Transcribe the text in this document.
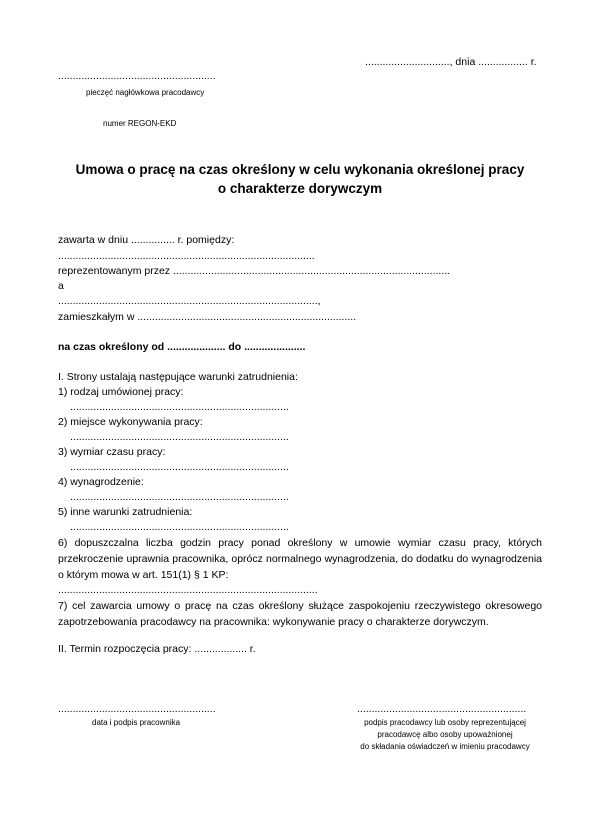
............................., dnia ................. r.
......................................................
pieczęć nagłówkowa pracodawcy
numer REGON-EKD
Umowa o pracę na czas określony w celu wykonania określonej pracy
o charakterze dorywczym
zawarta w dniu ............... r. pomiędzy:
........................................................................................
reprezentowanym przez ...............................................................................................
a
.........................................................................................,
zamieszkałym w ...........................................................................
na czas określony od .................... do .....................
I. Strony ustalają następujące warunki zatrudnienia:
1) rodzaj umówionej pracy:
...........................................................................
2) miejsce wykonywania pracy:
...........................................................................
3) wymiar czasu pracy:
...........................................................................
4) wynagrodzenie:
...........................................................................
5) inne warunki zatrudnienia:
...........................................................................
6) dopuszczalna liczba godzin pracy ponad określony w umowie wymiar czasu pracy, których przekroczenie uprawnia pracownika, oprócz normalnego wynagrodzenia, do dodatku do wynagrodzenia o którym mowa w art. 151(1) § 1 KP:
.........................................................................................
7) cel zawarcia umowy o pracę na czas określony służące zaspokojeniu rzeczywistego okresowego zapotrzebowania pracodawcy na pracownika: wykonywanie pracy o charakterze dorywczym.
II. Termin rozpoczęcia pracy: .................. r.
......................................................
data i podpis pracownika
..........................................................
podpis pracodawcy lub osoby reprezentującej
pracodawcę albo osoby upoważnionej
do składania oświadczeń w imieniu pracodawcy
